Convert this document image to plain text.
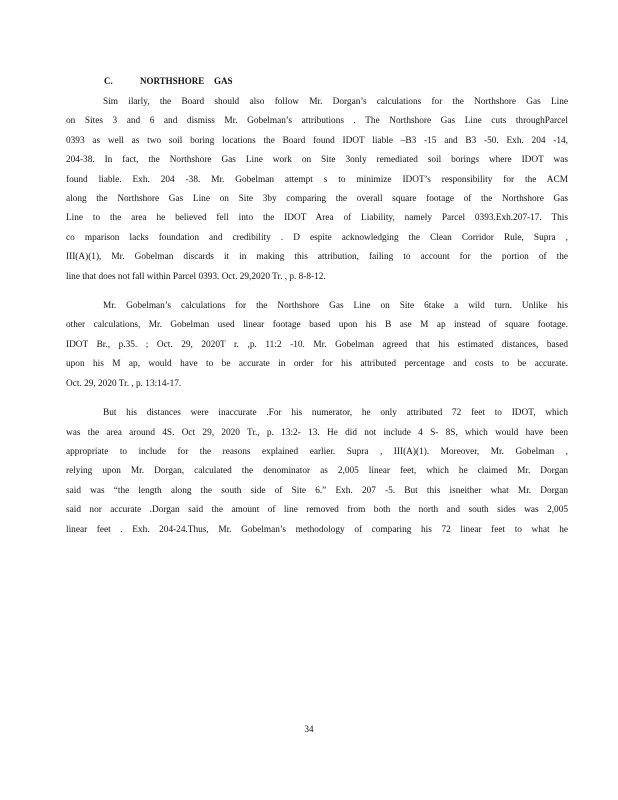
C.	NORTHSHORE GAS
Sim ilarly, the Board should also follow Mr. Dorgan’s calculations for the Northshore Gas Line
on Sites 3 and 6 and dismiss Mr. Gobelman’s attributions . The Northshore Gas Line cuts throughParcel
0393 as well as two soil boring locations the Board found IDOT liable –B3 -15 and B3 -50. Exh. 204 -14,
204-38. In fact, the Northshore Gas Line work on Site 3only remediated soil borings where IDOT was
found liable. Exh. 204 -38. Mr. Gobelman attempt s to minimize IDOT’s responsibility for the ACM
along the Northshore Gas Line on Site 3by comparing the overall square footage of the Northshore Gas
Line to the area he believed fell into the IDOT Area of Liability, namely Parcel 0393.Exh.207-17. This
co mparison lacks foundation and credibility . D espite acknowledging the Clean Corridor Rule, Supra ,
III(A)(1), Mr. Gobelman discards it in making this attribution, failing to account for the portion of the
line that does not fall within Parcel 0393. Oct. 29,2020 Tr. , p. 8-8-12.
Mr. Gobelman’s calculations for the Northshore Gas Line on Site 6take a wild turn. Unlike his
other calculations, Mr. Gobelman used linear footage based upon his B ase M ap instead of square footage.
IDOT Br., p.35. ; Oct. 29, 2020T r. ,p. 11:2 -10. Mr. Gobelman agreed that his estimated distances, based
upon his M ap, would have to be accurate in order for his attributed percentage and costs to be accurate.
Oct. 29, 2020 Tr. , p. 13:14-17.
But his distances were inaccurate .For his numerator, he only attributed 72 feet to IDOT, which
was the area around 4S. Oct 29, 2020 Tr., p. 13:2- 13. He did not include 4 S- 8S, which would have been
appropriate to include for the reasons explained earlier. Supra , III(A)(1). Moreover, Mr. Gobelman ,
relying upon Mr. Dorgan, calculated the denominator as 2,005 linear feet, which he claimed Mr. Dorgan
said was “the length along the south side of Site 6.” Exh. 207 -5. But this isneither what Mr. Dorgan
said nor accurate .Dorgan said the amount of line removed from both the north and south sides was 2,005
linear feet . Exh. 204-24.Thus, Mr. Gobelman’s methodology of comparing his 72 linear feet to what he
34
